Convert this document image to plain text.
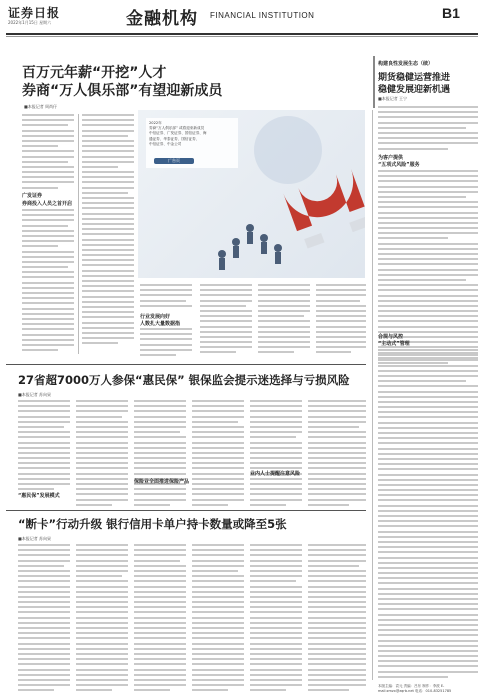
证券日报
2022年1月15日 星期六	金融机构 FINANCIAL INSTITUTION	B1
百万元年薪“开挖”人才
券商“万人俱乐部”有望迎新成员
■本报记者 周尚仔
广发证券
券商投入人员之首开启
2022年
券商“万人俱乐部” 或将迎来新成员
中信证券、广发证券、国信证券、海
通证券、华泰证券、国信证券、
中信证券、中金公司
广告页
行业发展向好
人数扎大量数据指
构建良性发展生态（续）
期货稳健运营推进
稳健发展迎新机遇
■本报记者 王宁
为客户提供
“五项式风险”服务
合规与风控
“主动式”管理
27省超7000万人参保“惠民保” 银保监会提示迷选择与亏损风险
■本报记者 苏向杲
“惠民保”发展模式
保险业全面推进保险产品
业内人士提醒注意风险
“断卡”行动升级 银行信用卡单户持卡数量或降至5张
■本报记者 苏向杲
本版主编：袁元 责编：吕东 制作：李波 E-mail:zmzx@zqrb.net 电话：010-83251785
